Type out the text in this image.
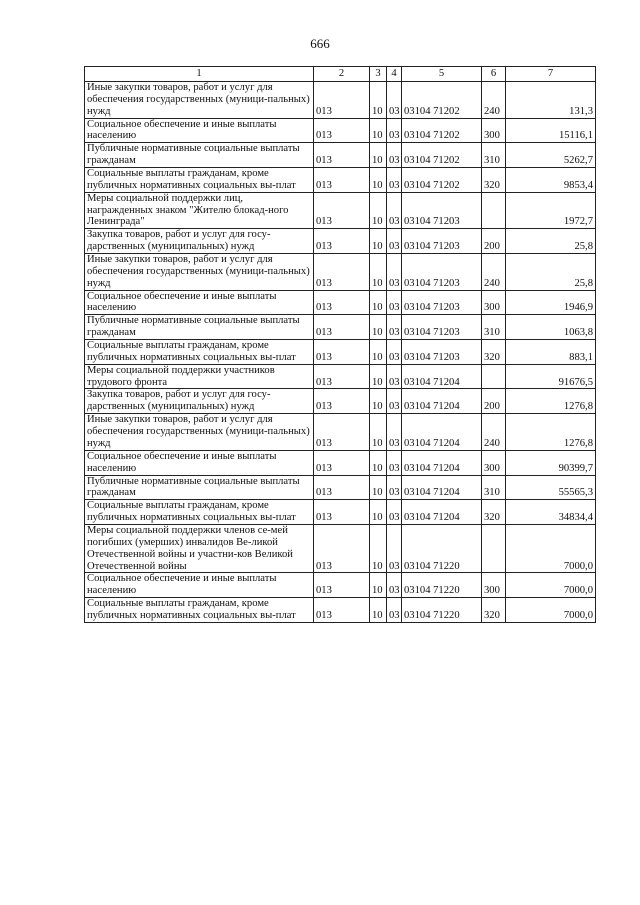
666
1	2	3	4	5	6	7
Иные закупки товаров, работ и услуг для обеспечения государственных (муници-пальных) нужд	013	10	03	03104 71202	240	131,3
Социальное обеспечение и иные выплаты населению	013	10	03	03104 71202	300	15116,1
Публичные нормативные социальные выплаты гражданам	013	10	03	03104 71202	310	5262,7
Социальные выплаты гражданам, кроме публичных нормативных социальных вы-плат	013	10	03	03104 71202	320	9853,4
Меры социальной поддержки лиц, награжденных знаком "Жителю блокад-ного Ленинграда"	013	10	03	03104 71203		1972,7
Закупка товаров, работ и услуг для госу-дарственных (муниципальных) нужд	013	10	03	03104 71203	200	25,8
Иные закупки товаров, работ и услуг для обеспечения государственных (муници-пальных) нужд	013	10	03	03104 71203	240	25,8
Социальное обеспечение и иные выплаты населению	013	10	03	03104 71203	300	1946,9
Публичные нормативные социальные выплаты гражданам	013	10	03	03104 71203	310	1063,8
Социальные выплаты гражданам, кроме публичных нормативных социальных вы-плат	013	10	03	03104 71203	320	883,1
Меры социальной поддержки участников трудового фронта	013	10	03	03104 71204		91676,5
Закупка товаров, работ и услуг для госу-дарственных (муниципальных) нужд	013	10	03	03104 71204	200	1276,8
Иные закупки товаров, работ и услуг для обеспечения государственных (муници-пальных) нужд	013	10	03	03104 71204	240	1276,8
Социальное обеспечение и иные выплаты населению	013	10	03	03104 71204	300	90399,7
Публичные нормативные социальные выплаты гражданам	013	10	03	03104 71204	310	55565,3
Социальные выплаты гражданам, кроме публичных нормативных социальных вы-плат	013	10	03	03104 71204	320	34834,4
Меры социальной поддержки членов се-мей погибших (умерших) инвалидов Ве-ликой Отечественной войны и участни-ков Великой Отечественной войны	013	10	03	03104 71220		7000,0
Социальное обеспечение и иные выплаты населению	013	10	03	03104 71220	300	7000,0
Социальные выплаты гражданам, кроме публичных нормативных социальных вы-плат	013	10	03	03104 71220	320	7000,0
